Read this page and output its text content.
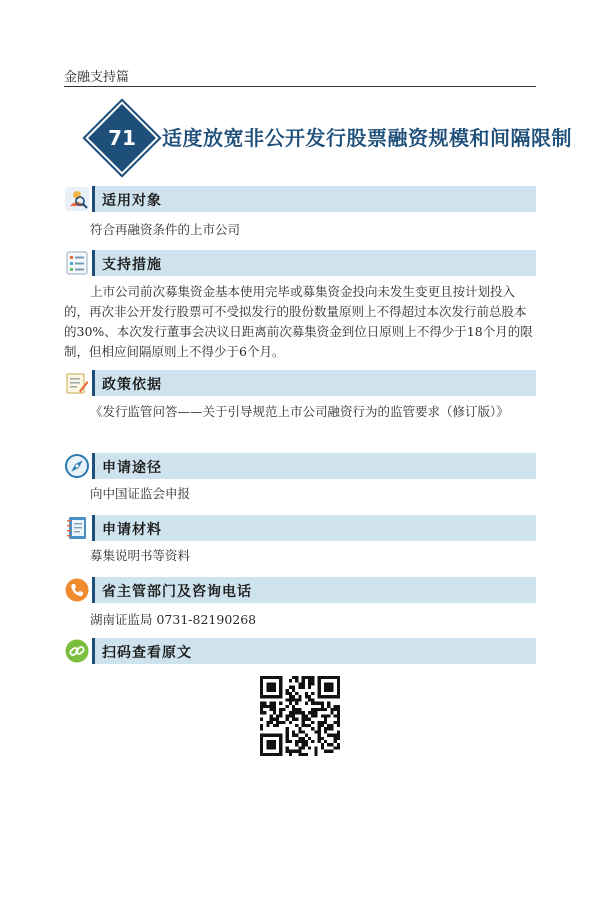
金融支持篇
71	适度放宽非公开发行股票融资规模和间隔限制
适用对象
符合再融资条件的上市公司
支持措施
上市公司前次募集资金基本使用完毕或募集资金投向未发生变更且按计划投入的，再次非公开发行股票可不受拟发行的股份数量原则上不得超过本次发行前总股本的30%、本次发行董事会决议日距离前次募集资金到位日原则上不得少于18个月的限制，但相应间隔原则上不得少于6个月。
政策依据
《发行监管问答——关于引导规范上市公司融资行为的监管要求（修订版）》
申请途径
向中国证监会申报
申请材料
募集说明书等资料
省主管部门及咨询电话
湖南证监局 0731-82190268
扫码查看原文
